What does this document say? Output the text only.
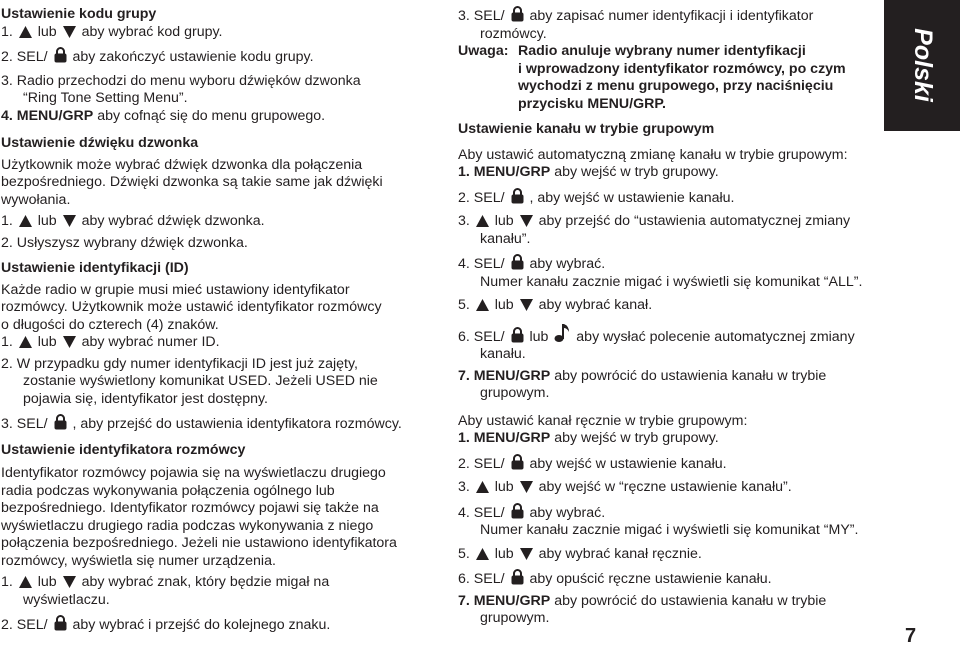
Ustawienie kodu grupy
1. lub aby wybrać kod grupy.
2. SEL/ aby zakończyć ustawienie kodu grupy.
3. Radio przechodzi do menu wyboru dźwięków dzwonka
“Ring Tone Setting Menu”.
4. MENU/GRP aby cofnąć się do menu grupowego.
Ustawienie dźwięku dzwonka
Użytkownik może wybrać dźwięk dzwonka dla połączenia
bezpośredniego. Dźwięki dzwonka są takie same jak dźwięki
wywołania.
1. lub aby wybrać dźwięk dzwonka.
2. Usłyszysz wybrany dźwięk dzwonka.
Ustawienie identyfikacji (ID)
Każde radio w grupie musi mieć ustawiony identyfikator
rozmówcy. Użytkownik może ustawić identyfikator rozmówcy
o długości do czterech (4) znaków.
1. lub aby wybrać numer ID.
2. W przypadku gdy numer identyfikacji ID jest już zajęty,
zostanie wyświetlony komunikat USED. Jeżeli USED nie
pojawia się, identyfikator jest dostępny.
3. SEL/ , aby przejść do ustawienia identyfikatora rozmówcy.
Ustawienie identyfikatora rozmówcy
Identyfikator rozmówcy pojawia się na wyświetlaczu drugiego
radia podczas wykonywania połączenia ogólnego lub
bezpośredniego. Identyfikator rozmówcy pojawi się także na
wyświetlaczu drugiego radia podczas wykonywania z niego
połączenia bezpośredniego. Jeżeli nie ustawiono identyfikatora
rozmówcy, wyświetla się numer urządzenia.
1. lub aby wybrać znak, który będzie migał na
wyświetlaczu.
2. SEL/ aby wybrać i przejść do kolejnego znaku.
3. SEL/ aby zapisać numer identyfikacji i identyfikator
rozmówcy.
Uwaga: Radio anuluje wybrany numer identyfikacji
i wprowadzony identyfikator rozmówcy, po czym
wychodzi z menu grupowego, przy naciśnięciu
przycisku MENU/GRP.
Ustawienie kanału w trybie grupowym
Aby ustawić automatyczną zmianę kanału w trybie grupowym:
1. MENU/GRP aby wejść w tryb grupowy.
2. SEL/ , aby wejść w ustawienie kanału.
3. lub aby przejść do “ustawienia automatycznej zmiany
kanału”.
4. SEL/ aby wybrać.
Numer kanału zacznie migać i wyświetli się komunikat “ALL”.
5. lub aby wybrać kanał.
6. SEL/ lub aby wysłać polecenie automatycznej zmiany
kanału.
7. MENU/GRP aby powrócić do ustawienia kanału w trybie
grupowym.
Aby ustawić kanał ręcznie w trybie grupowym:
1. MENU/GRP aby wejść w tryb grupowy.
2. SEL/ aby wejść w ustawienie kanału.
3. lub aby wejść w “ręczne ustawienie kanału”.
4. SEL/ aby wybrać.
Numer kanału zacznie migać i wyświetli się komunikat “MY”.
5. lub aby wybrać kanał ręcznie.
6. SEL/ aby opuścić ręczne ustawienie kanału.
7. MENU/GRP aby powrócić do ustawienia kanału w trybie
grupowym.
Polski
7
